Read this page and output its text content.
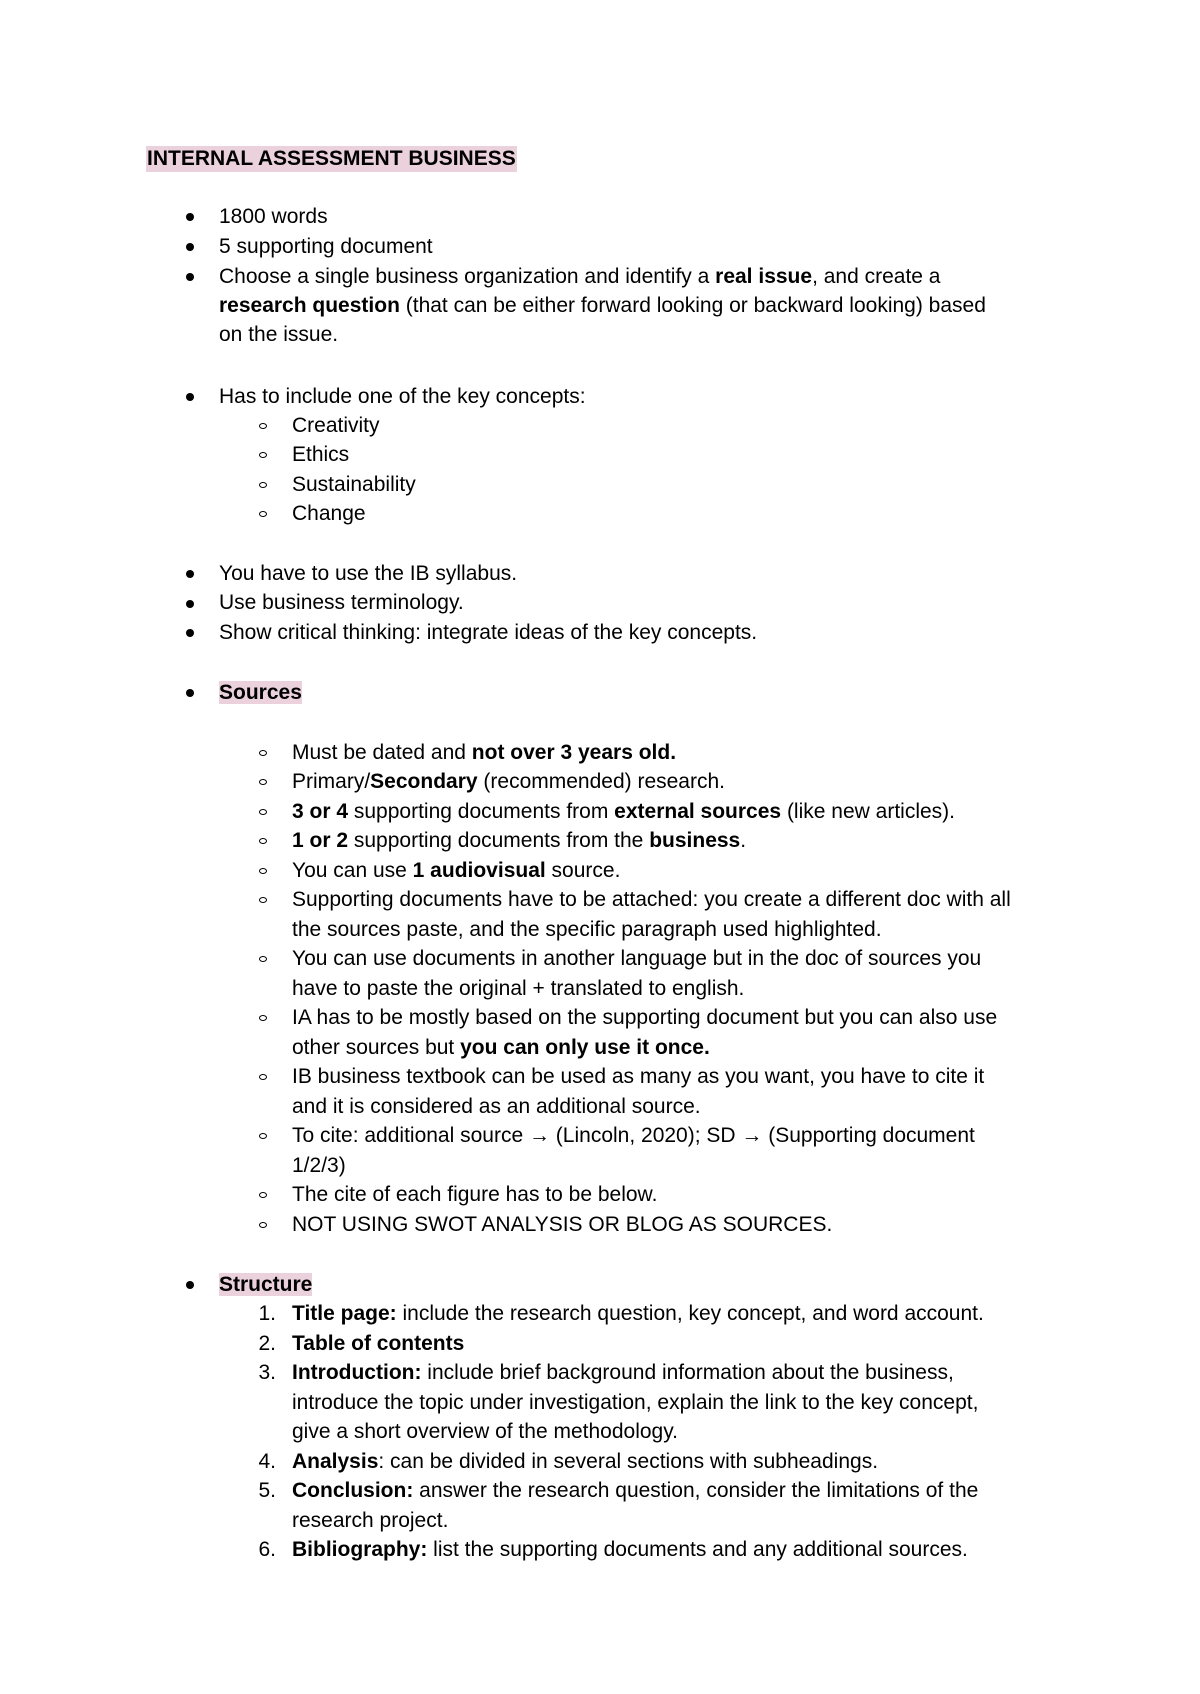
INTERNAL ASSESSMENT BUSINESS
1800 words
5 supporting document
Choose a single business organization and identify a real issue, and create a
research question (that can be either forward looking or backward looking) based
on the issue.
Has to include one of the key concepts:
Creativity
Ethics
Sustainability
Change
You have to use the IB syllabus.
Use business terminology.
Show critical thinking: integrate ideas of the key concepts.
Sources
Must be dated and not over 3 years old.
Primary/Secondary (recommended) research.
3 or 4 supporting documents from external sources (like new articles).
1 or 2 supporting documents from the business.
You can use 1 audiovisual source.
Supporting documents have to be attached: you create a different doc with all
the sources paste, and the specific paragraph used highlighted.
You can use documents in another language but in the doc of sources you
have to paste the original + translated to english.
IA has to be mostly based on the supporting document but you can also use
other sources but you can only use it once.
IB business textbook can be used as many as you want, you have to cite it
and it is considered as an additional source.
To cite: additional source → (Lincoln, 2020); SD → (Supporting document
1/2/3)
The cite of each figure has to be below.
NOT USING SWOT ANALYSIS OR BLOG AS SOURCES.
Structure
1. Title page: include the research question, key concept, and word account.
2. Table of contents
3. Introduction: include brief background information about the business,
introduce the topic under investigation, explain the link to the key concept,
give a short overview of the methodology.
4. Analysis: can be divided in several sections with subheadings.
5. Conclusion: answer the research question, consider the limitations of the
research project.
6. Bibliography: list the supporting documents and any additional sources.
